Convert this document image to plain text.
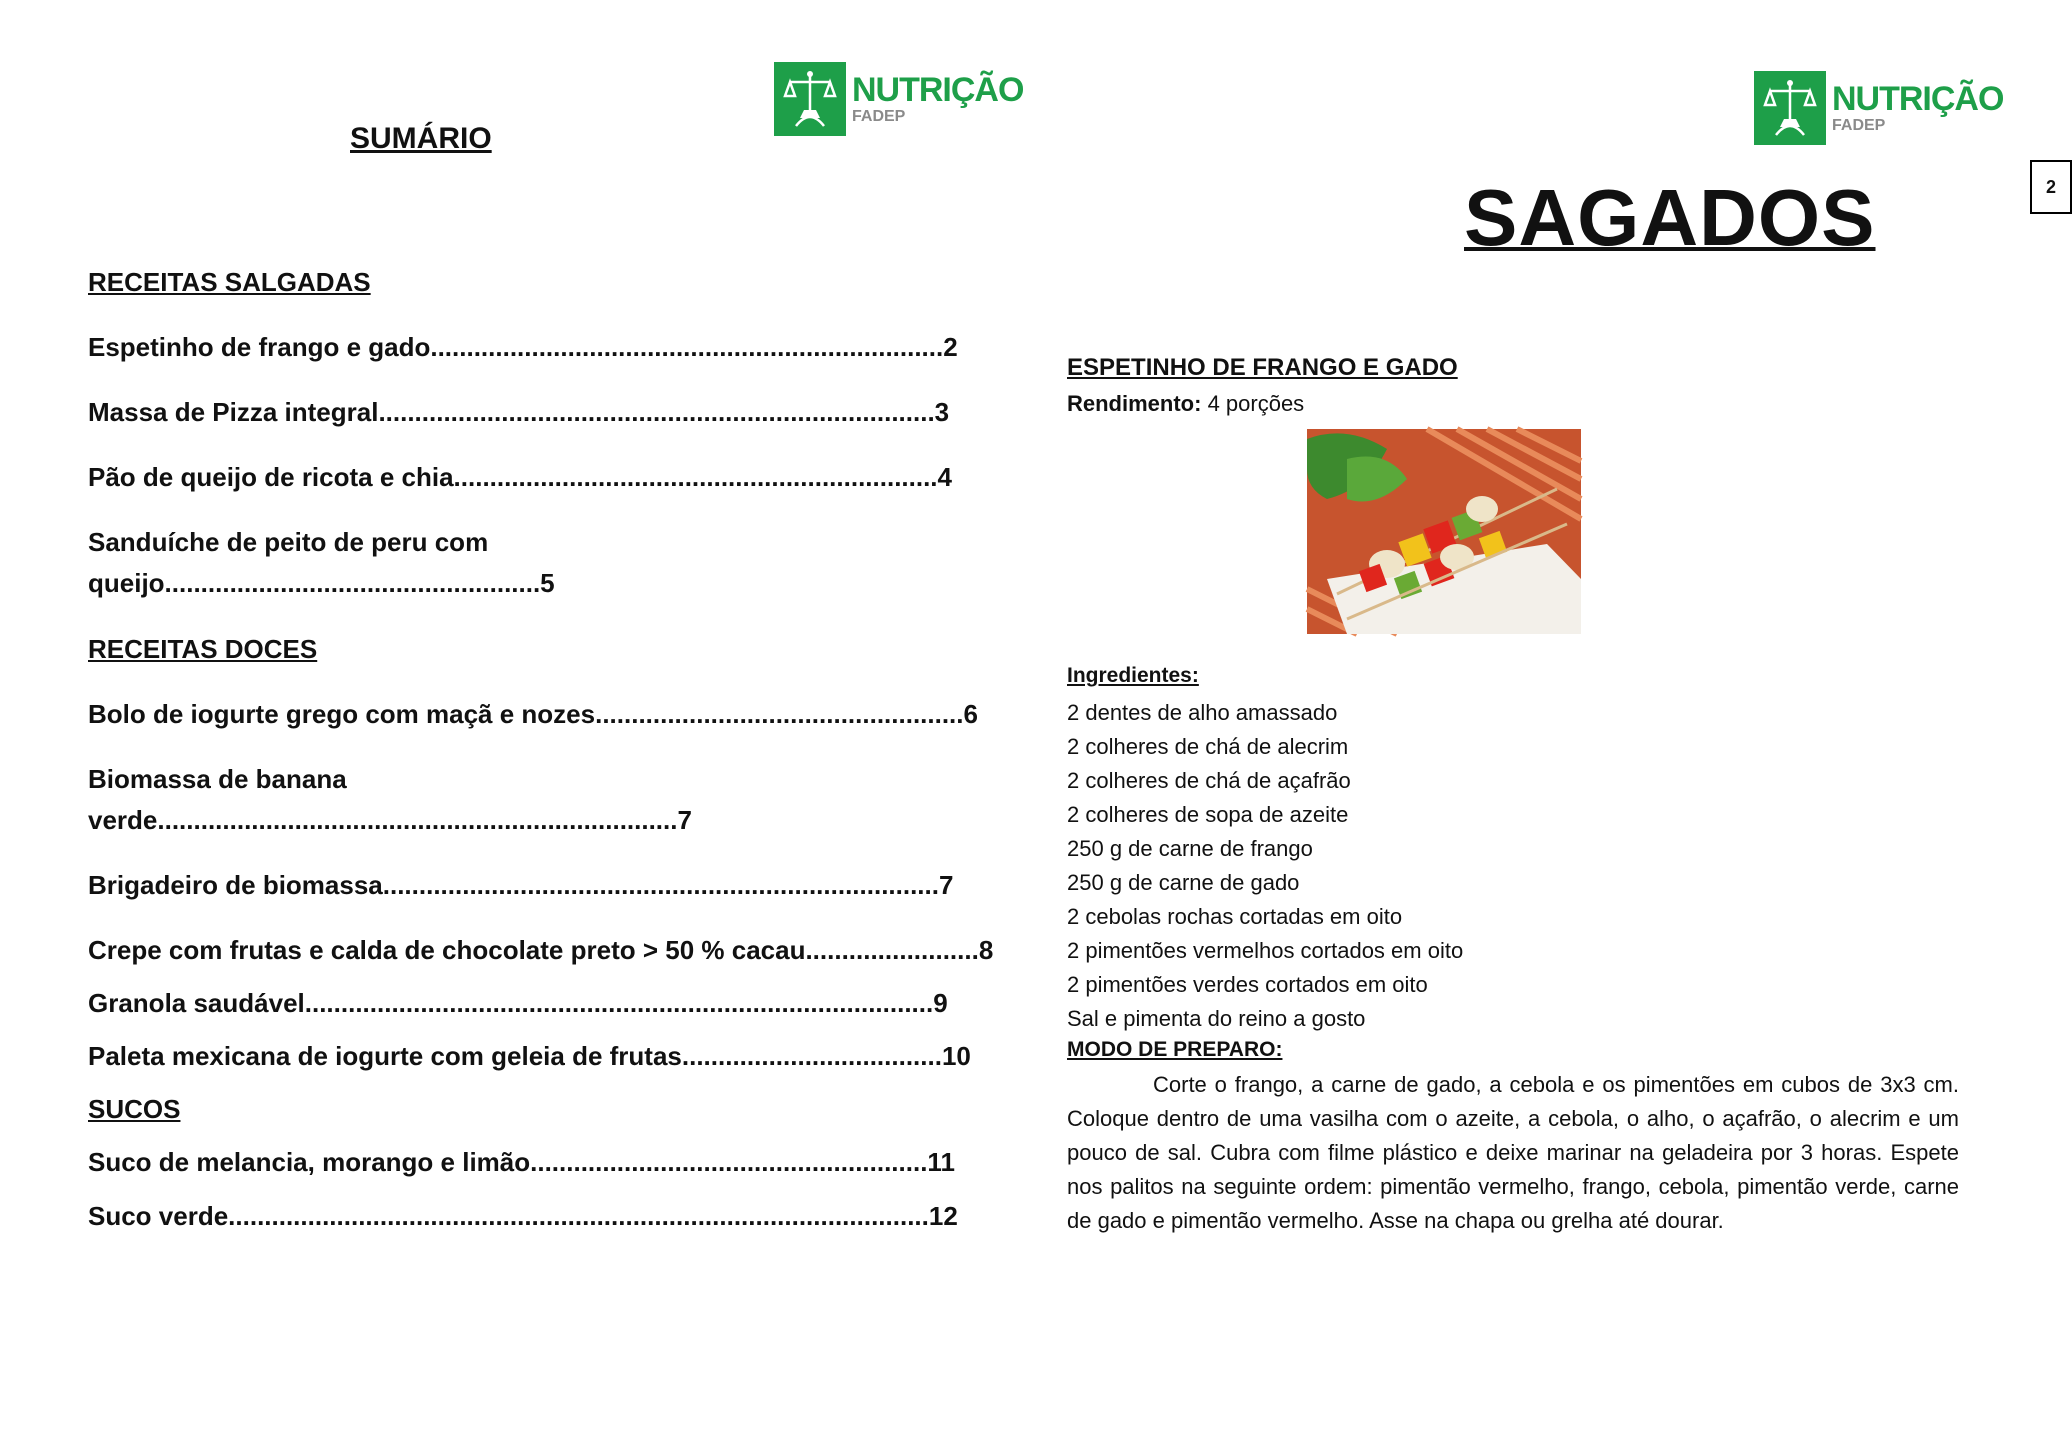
NUTRIÇÃO
FADEP
SUMÁRIO
RECEITAS SALGADAS
Espetinho de frango e gado.......................................................................2
Massa de Pizza integral.............................................................................3
Pão de queijo de ricota e chia...................................................................4
Sanduíche de peito de peru com
queijo....................................................5
RECEITAS DOCES
Bolo de iogurte grego com maçã e nozes...................................................6
Biomassa de banana
verde........................................................................7
Brigadeiro de biomassa.............................................................................7
Crepe com frutas e calda de chocolate preto > 50 % cacau........................8
Granola saudável.......................................................................................9
Paleta mexicana de iogurte com geleia de frutas....................................10
SUCOS
Suco de melancia, morango e limão.......................................................11
Suco verde.................................................................................................12
NUTRIÇÃO
FADEP
2
SAGADOS
ESPETINHO DE FRANGO E GADO
Rendimento: 4 porções
Ingredientes:
2 dentes de alho amassado
2 colheres de chá de alecrim
2 colheres de chá de açafrão
2 colheres de sopa de azeite
250 g de carne de frango
250 g de carne de gado
2 cebolas rochas cortadas em oito
2 pimentões vermelhos cortados em oito
2 pimentões verdes cortados em oito
Sal e pimenta do reino a gosto
MODO DE PREPARO:

Corte o frango, a carne de gado, a cebola e os pimentões em cubos de 3x3 cm. Coloque dentro de uma vasilha com o azeite, a cebola, o alho, o açafrão, o alecrim e um pouco de sal. Cubra com filme plástico e deixe marinar na geladeira por 3 horas. Espete nos palitos na seguinte ordem: pimentão vermelho, frango, cebola, pimentão verde, carne de gado e pimentão vermelho. Asse na chapa ou grelha até dourar.
